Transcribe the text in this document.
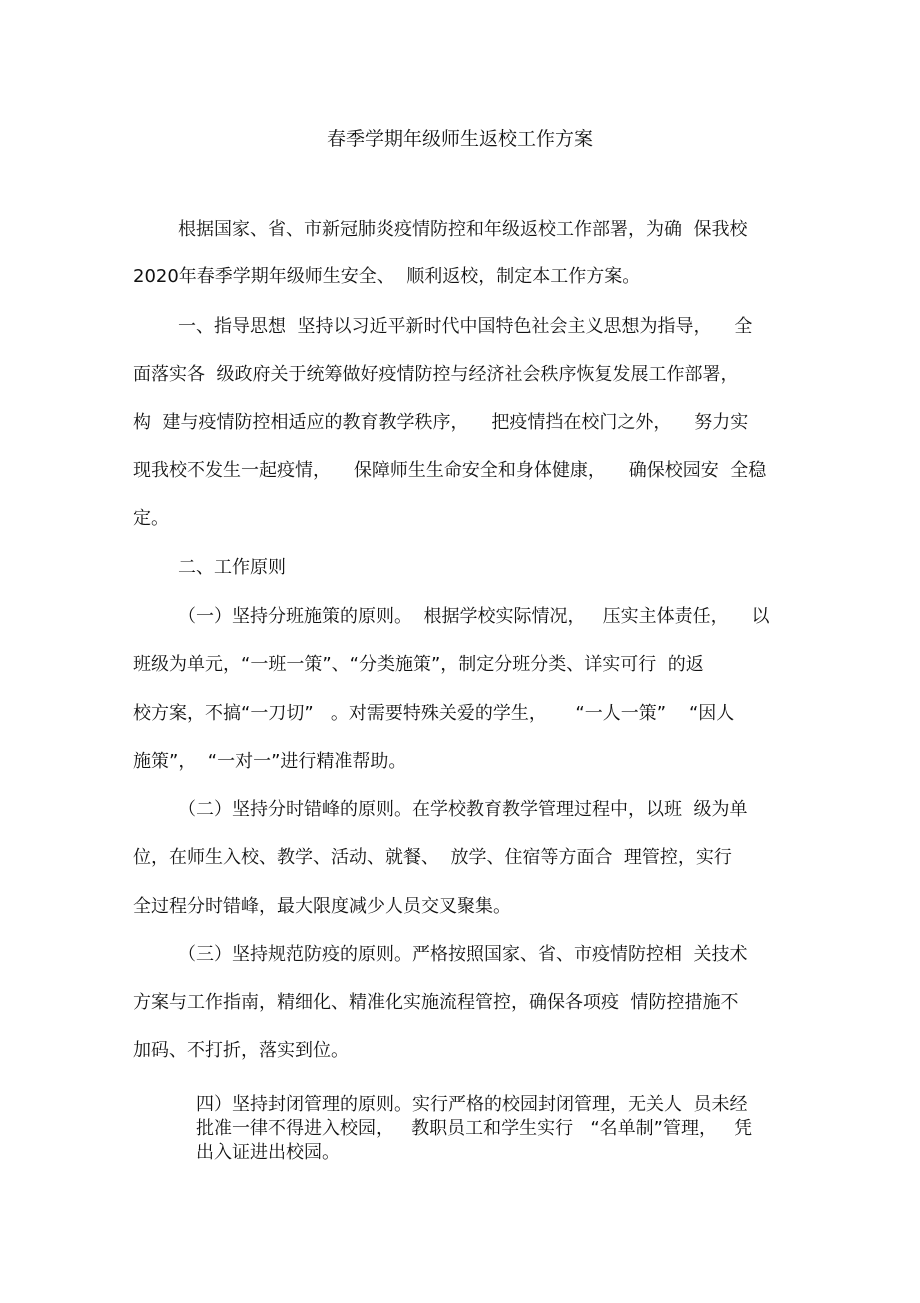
春季学期年级师生返校工作方案
根据国家、省、市新冠肺炎疫情防控和年级返校工作部署，为确  保我校
2020年春季学期年级师生安全、  顺利返校，制定本工作方案。
一、指导思想  坚持以习近平新时代中国特色社会主义思想为指导，    全
面落实各  级政府关于统筹做好疫情防控与经济社会秩序恢复发展工作部署，
构  建与疫情防控相适应的教育教学秩序，    把疫情挡在校门之外，    努力实
现我校不发生一起疫情，    保障师生生命安全和身体健康，    确保校园安  全稳
定。
二、工作原则
（一）坚持分班施策的原则。  根据学校实际情况，   压实主体责任，    以
班级为单元，“一班一策”、“分类施策”，制定分班分类、详实可行  的返
校方案，不搞“一刀切”   。对需要特殊关爱的学生，     “一人一策”    “因人
施策”，  “一对一”进行精准帮助。
（二）坚持分时错峰的原则。在学校教育教学管理过程中，以班  级为单
位，在师生入校、教学、活动、就餐、  放学、住宿等方面合  理管控，实行
全过程分时错峰，最大限度减少人员交叉聚集。
（三）坚持规范防疫的原则。严格按照国家、省、市疫情防控相  关技术
方案与工作指南，精细化、精准化实施流程管控，确保各项疫  情防控措施不
加码、不打折，落实到位。
四）坚持封闭管理的原则。实行严格的校园封闭管理，无关人  员未经
批准一律不得进入校园，   教职员工和学生实行   “名单制”管理，   凭
出入证进出校园。
